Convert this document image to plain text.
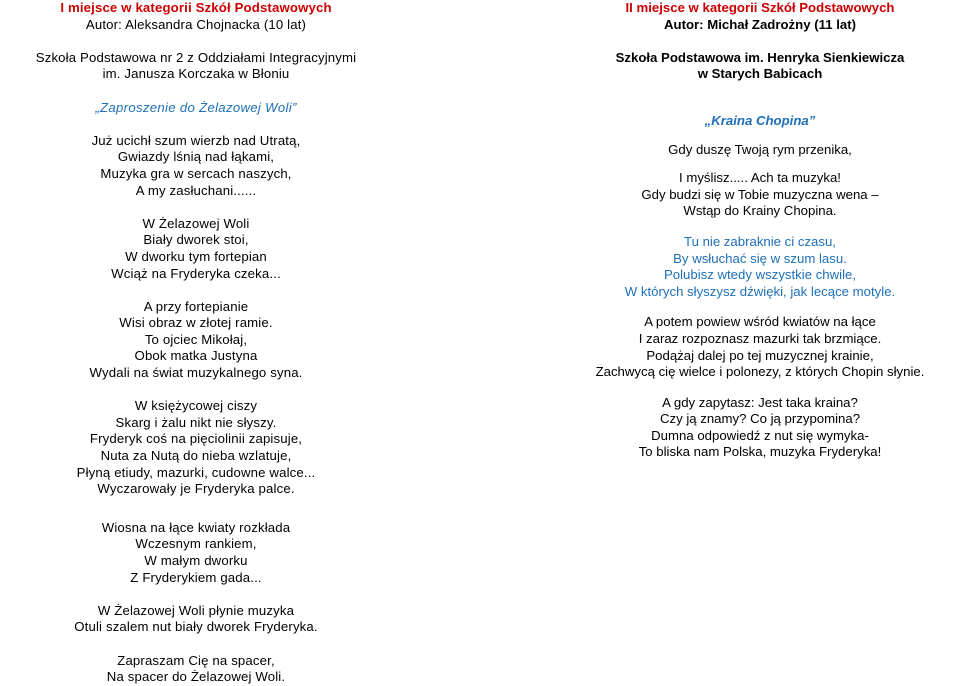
I miejsce w kategorii Szkół Podstawowych
Autor: Aleksandra Chojnacka (10 lat)
Szkoła Podstawowa nr 2 z Oddziałami Integracyjnymi
im. Janusza Korczaka w Błoniu
„Zaproszenie do Żelazowej Woli”
Już ucichł szum wierzb nad Utratą,
Gwiazdy lśnią nad łąkami,
Muzyka gra w sercach naszych,
A my zasłuchani......
W Żelazowej Woli
Biały dworek stoi,
W dworku tym fortepian
Wciąż na Fryderyka czeka...
A przy fortepianie
Wisi obraz w złotej ramie.
To ojciec Mikołaj,
Obok matka Justyna
Wydali na świat muzykalnego syna.
W księżycowej ciszy
Skarg i żalu nikt nie słyszy.
Fryderyk coś na pięciolinii zapisuje,
Nuta za Nutą do nieba wzlatuje,
Płyną etiudy, mazurki, cudowne walce...
Wyczarowały je Fryderyka palce.
Wiosna na łące kwiaty rozkłada
Wczesnym rankiem,
W małym dworku
Z Fryderykiem gada...
W Żelazowej Woli płynie muzyka
Otuli szalem nut biały dworek Fryderyka.
Zapraszam Cię na spacer,
Na spacer do Żelazowej Woli.
II miejsce w kategorii Szkół Podstawowych
Autor: Michał Zadrożny (11 lat)
Szkoła Podstawowa im. Henryka Sienkiewicza
w Starych Babicach
„Kraina Chopina”
Gdy duszę Twoją rym przenika,
I myślisz..... Ach ta muzyka!
Gdy budzi się w Tobie muzyczna wena –
Wstąp do Krainy Chopina.
Tu nie zabraknie ci czasu,
By wsłuchać się w szum lasu.
Polubisz wtedy wszystkie chwile,
W których słyszysz dźwięki, jak lecące motyle.
A potem powiew wśród kwiatów na łące
I zaraz rozpoznasz mazurki tak brzmiące.
Podążaj dalej po tej muzycznej krainie,
Zachwycą cię wielce i polonezy, z których Chopin słynie.
A gdy zapytasz: Jest taka kraina?
Czy ją znamy? Co ją przypomina?
Dumna odpowiedź z nut się wymyka-
To bliska nam Polska, muzyka Fryderyka!
